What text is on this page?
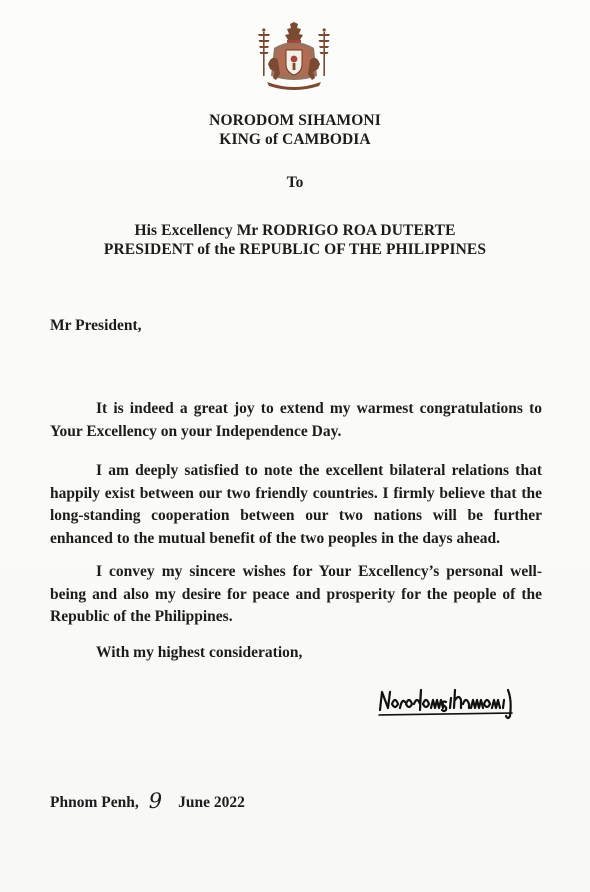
NORODOM SIHAMONI
KING of CAMBODIA
To
His Excellency Mr RODRIGO ROA DUTERTE
PRESIDENT of the REPUBLIC OF THE PHILIPPINES
Mr President,
It is indeed a great joy to extend my warmest congratulations to Your Excellency on your Independence Day.
I am deeply satisfied to note the excellent bilateral relations that happily exist between our two friendly countries. I firmly believe that the long-standing cooperation between our two nations will be further enhanced to the mutual benefit of the two peoples in the days ahead.
I convey my sincere wishes for Your Excellency’s personal well-being and also my desire for peace and prosperity for the people of the Republic of the Philippines.
With my highest consideration,
Phnom Penh, 9 June 2022
